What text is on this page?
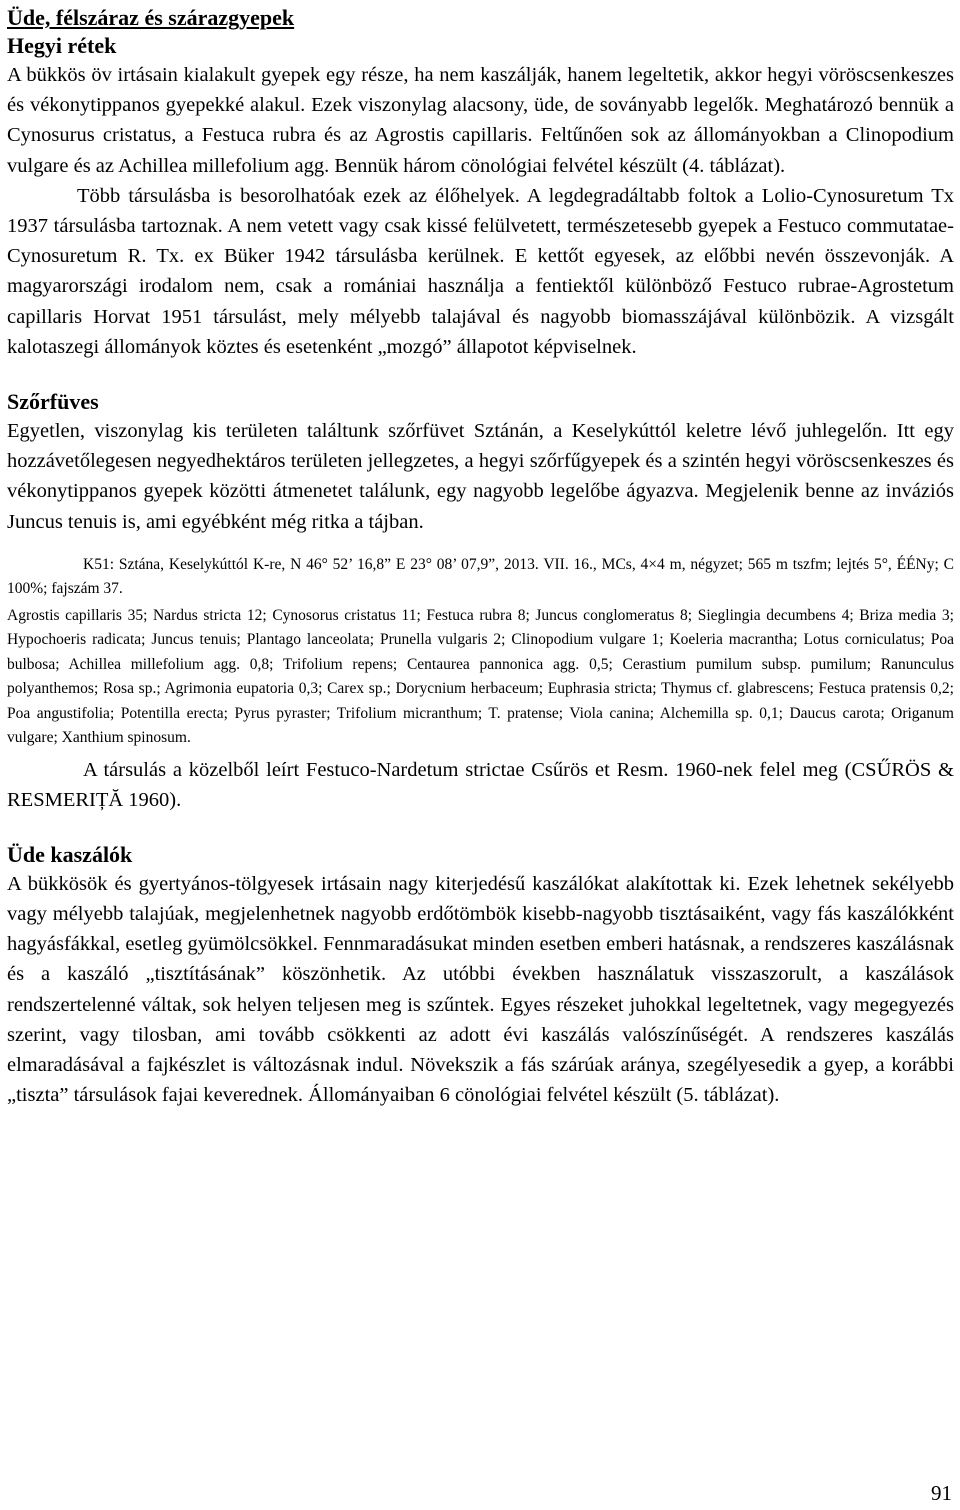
Üde, félszáraz és szárazgyepek
Hegyi rétek

A bükkös öv irtásain kialakult gyepek egy része, ha nem kaszálják, hanem legeltetik, akkor hegyi vöröscsenkeszes és vékonytippanos gyepekké alakul. Ezek viszonylag alacsony, üde, de soványabb legelők. Meghatározó bennük a Cynosurus cristatus, a Festuca rubra és az Agrostis capillaris. Feltűnően sok az állományokban a Clinopodium vulgare és az Achillea millefolium agg. Bennük három cönológiai felvétel készült (4. táblázat).

Több társulásba is besorolhatóak ezek az élőhelyek. A legdegradáltabb foltok a Lolio-Cynosuretum Tx 1937 társulásba tartoznak. A nem vetett vagy csak kissé felülvetett, természetesebb gyepek a Festuco commutatae-Cynosuretum R. Tx. ex Büker 1942 társulásba kerülnek. E kettőt egyesek, az előbbi nevén összevonják. A magyarországi irodalom nem, csak a romániai használja a fentiektől különböző Festuco rubrae-Agrostetum capillaris Horvat 1951 társulást, mely mélyebb talajával és nagyobb biomasszájával különbözik. A vizsgált kalotaszegi állományok köztes és esetenként „mozgó” állapotot képviselnek.

Szőrfüves

Egyetlen, viszonylag kis területen találtunk szőrfüvet Sztánán, a Keselykúttól keletre lévő juhlegelőn. Itt egy hozzávetőlegesen negyedhektáros területen jellegzetes, a hegyi szőrfűgyepek és a szintén hegyi vöröscsenkeszes és vékonytippanos gyepek közötti átmenetet találunk, egy nagyobb legelőbe ágyazva. Megjelenik benne az inváziós Juncus tenuis is, ami egyébként még ritka a tájban.

K51: Sztána, Keselykúttól K-re, N 46° 52’ 16,8” E 23° 08’ 07,9”, 2013. VII. 16., MCs, 4×4 m, négyzet; 565 m tszfm; lejtés 5°, ÉÉNy; C 100%; fajszám 37.

Agrostis capillaris 35; Nardus stricta 12; Cynosorus cristatus 11; Festuca rubra 8; Juncus conglomeratus 8; Sieglingia decumbens 4; Briza media 3; Hypochoeris radicata; Juncus tenuis; Plantago lanceolata; Prunella vulgaris 2; Clinopodium vulgare 1; Koeleria macrantha; Lotus corniculatus; Poa bulbosa; Achillea millefolium agg. 0,8; Trifolium repens; Centaurea pannonica agg. 0,5; Cerastium pumilum subsp. pumilum; Ranunculus polyanthemos; Rosa sp.; Agrimonia eupatoria 0,3; Carex sp.; Dorycnium herbaceum; Euphrasia stricta; Thymus cf. glabrescens; Festuca pratensis 0,2; Poa angustifolia; Potentilla erecta; Pyrus pyraster; Trifolium micranthum; T. pratense; Viola canina; Alchemilla sp. 0,1; Daucus carota; Origanum vulgare; Xanthium spinosum.

A társulás a közelből leírt Festuco-Nardetum strictae Csűrös et Resm. 1960-nek felel meg (CSŰRÖS & RESMERIȚĂ 1960).

Üde kaszálók

A bükkösök és gyertyános-tölgyesek irtásain nagy kiterjedésű kaszálókat alakítottak ki. Ezek lehetnek sekélyebb vagy mélyebb talajúak, megjelenhetnek nagyobb erdőtömbök kisebb-nagyobb tisztásaiként, vagy fás kaszálókként hagyásfákkal, esetleg gyümölcsökkel. Fennmaradásukat minden esetben emberi hatásnak, a rendszeres kaszálásnak és a kaszáló „tisztításának” köszönhetik. Az utóbbi években használatuk visszaszorult, a kaszálások rendszertelenné váltak, sok helyen teljesen meg is szűntek. Egyes részeket juhokkal legeltetnek, vagy megegyezés szerint, vagy tilosban, ami tovább csökkenti az adott évi kaszálás valószínűségét. A rendszeres kaszálás elmaradásával a fajkészlet is változásnak indul. Növekszik a fás szárúak aránya, szegélyesedik a gyep, a korábbi „tiszta” társulások fajai keverednek. Állományaiban 6 cönológiai felvétel készült (5. táblázat).

91
